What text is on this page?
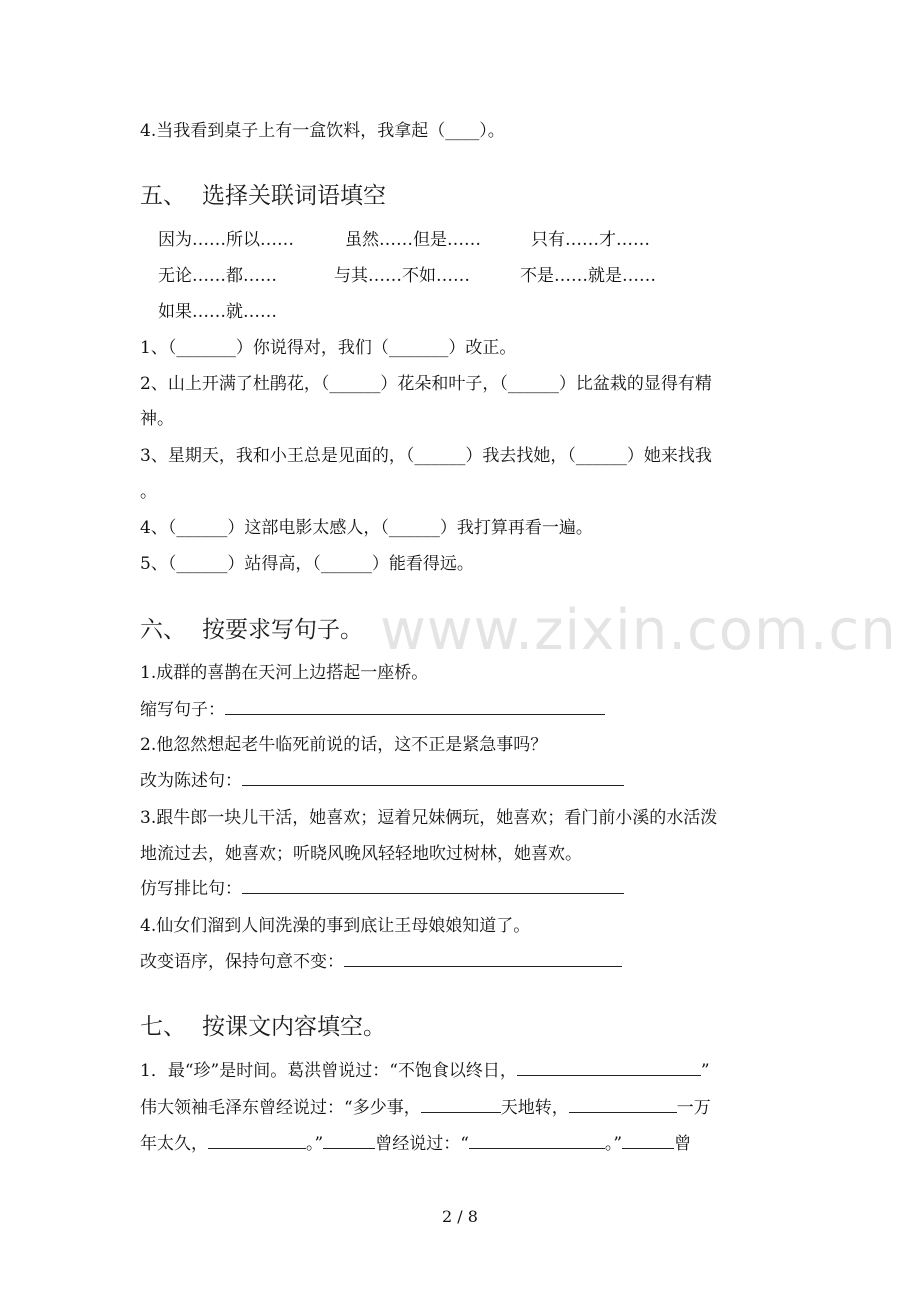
www.zixin.com.cn
4.当我看到桌子上有一盒饮料，我拿起（____）。
五、 选择关联词语填空
因为……所以……	虽然……但是……	只有……才……
无论……都……	与其……不如……	不是……就是……
如果……就……
1、（_______）你说得对，我们（_______）改正。
2、山上开满了杜鹃花，（______）花朵和叶子，（______）比盆栽的显得有精
神。
3、星期天，我和小王总是见面的，（______）我去找她，（______）她来找我
。
4、（______）这部电影太感人，（______）我打算再看一遍。
5、（______）站得高，（______）能看得远。
六、 按要求写句子。
1.成群的喜鹊在天河上边搭起一座桥。
缩写句子：
2.他忽然想起老牛临死前说的话，这不正是紧急事吗？
改为陈述句：
3.跟牛郎一块儿干活，她喜欢；逗着兄妹俩玩，她喜欢；看门前小溪的水活泼
地流过去，她喜欢；听晓风晚风轻轻地吹过树林，她喜欢。
仿写排比句：
4.仙女们溜到人间洗澡的事到底让王母娘娘知道了。
改变语序，保持句意不变：
七、 按课文内容填空。
1．最“珍”是时间。葛洪曾说过：“不饱食以终日，	”
伟大领袖毛泽东曾经说过：“多少事，	天地转，	一万
年太久，	。”	曾经说过：“	。”	曾
2 / 8
